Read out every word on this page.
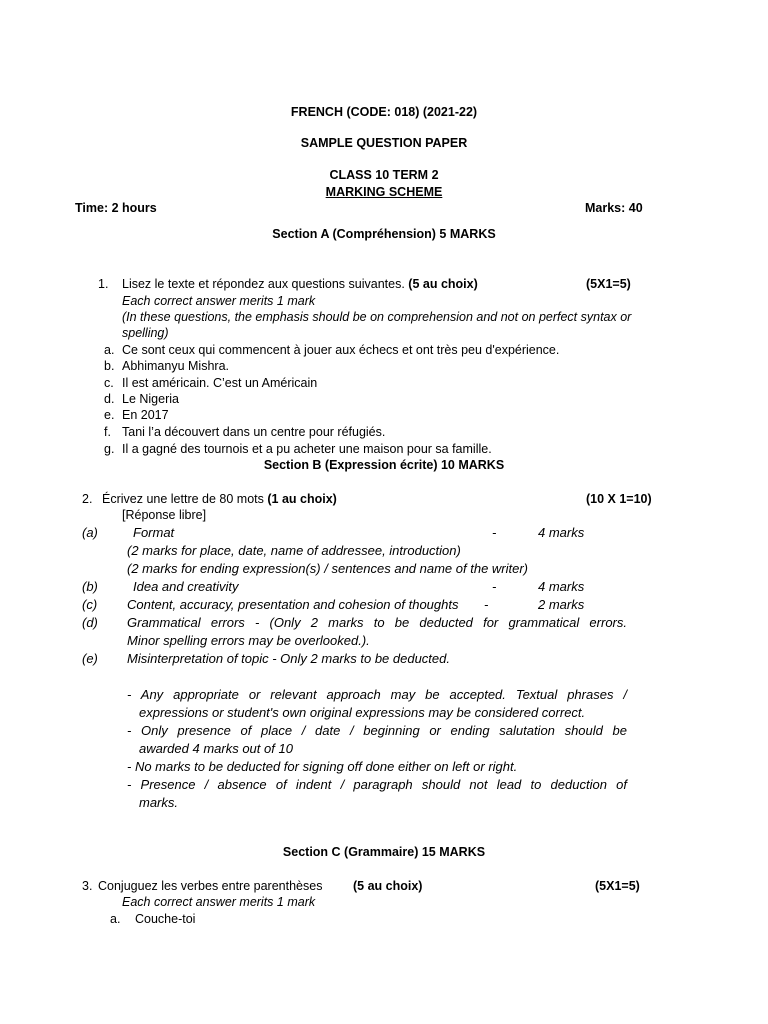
FRENCH (CODE: 018) (2021-22)
SAMPLE QUESTION PAPER
CLASS 10 TERM 2
MARKING SCHEME
Time: 2 hours	Marks: 40
Section A (Compréhension) 5 MARKS
1. Lisez le texte et répondez aux questions suivantes. (5 au choix)	(5X1=5)
Each correct answer merits 1 mark
(In these questions, the emphasis should be on comprehension and not on perfect syntax or
spelling)
a. Ce sont ceux qui commencent à jouer aux échecs et ont très peu d'expérience.
b. Abhimanyu Mishra.
c. Il est américain. C’est un Américain
d. Le Nigeria
e. En 2017
f. Tani l’a découvert dans un centre pour réfugiés.
g. Il a gagné des tournois et a pu acheter une maison pour sa famille.
Section B (Expression écrite) 10 MARKS
2. Écrivez une lettre de 80 mots (1 au choix)	(10 X 1=10)
[Réponse libre]
(a)	Format	-	4 marks
(2 marks for place, date, name of addressee, introduction)
(2 marks for ending expression(s) / sentences and name of the writer)
(b)	Idea and creativity	-	4 marks
(c) Content, accuracy, presentation and cohesion of thoughts -	2 marks
(d) Grammatical errors - (Only 2 marks to be deducted for grammatical errors.
Minor spelling errors may be overlooked.).
(e) Misinterpretation of topic - Only 2 marks to be deducted.
- Any appropriate or relevant approach may be accepted. Textual phrases /
expressions or student's own original expressions may be considered correct.
- Only presence of place / date / beginning or ending salutation should be
awarded 4 marks out of 10
- No marks to be deducted for signing off done either on left or right.
- Presence / absence of indent / paragraph should not lead to deduction of
marks.
Section C (Grammaire) 15 MARKS
3. Conjuguez les verbes entre parenthèses (5 au choix)	(5X1=5)
Each correct answer merits 1 mark
a. Couche-toi
